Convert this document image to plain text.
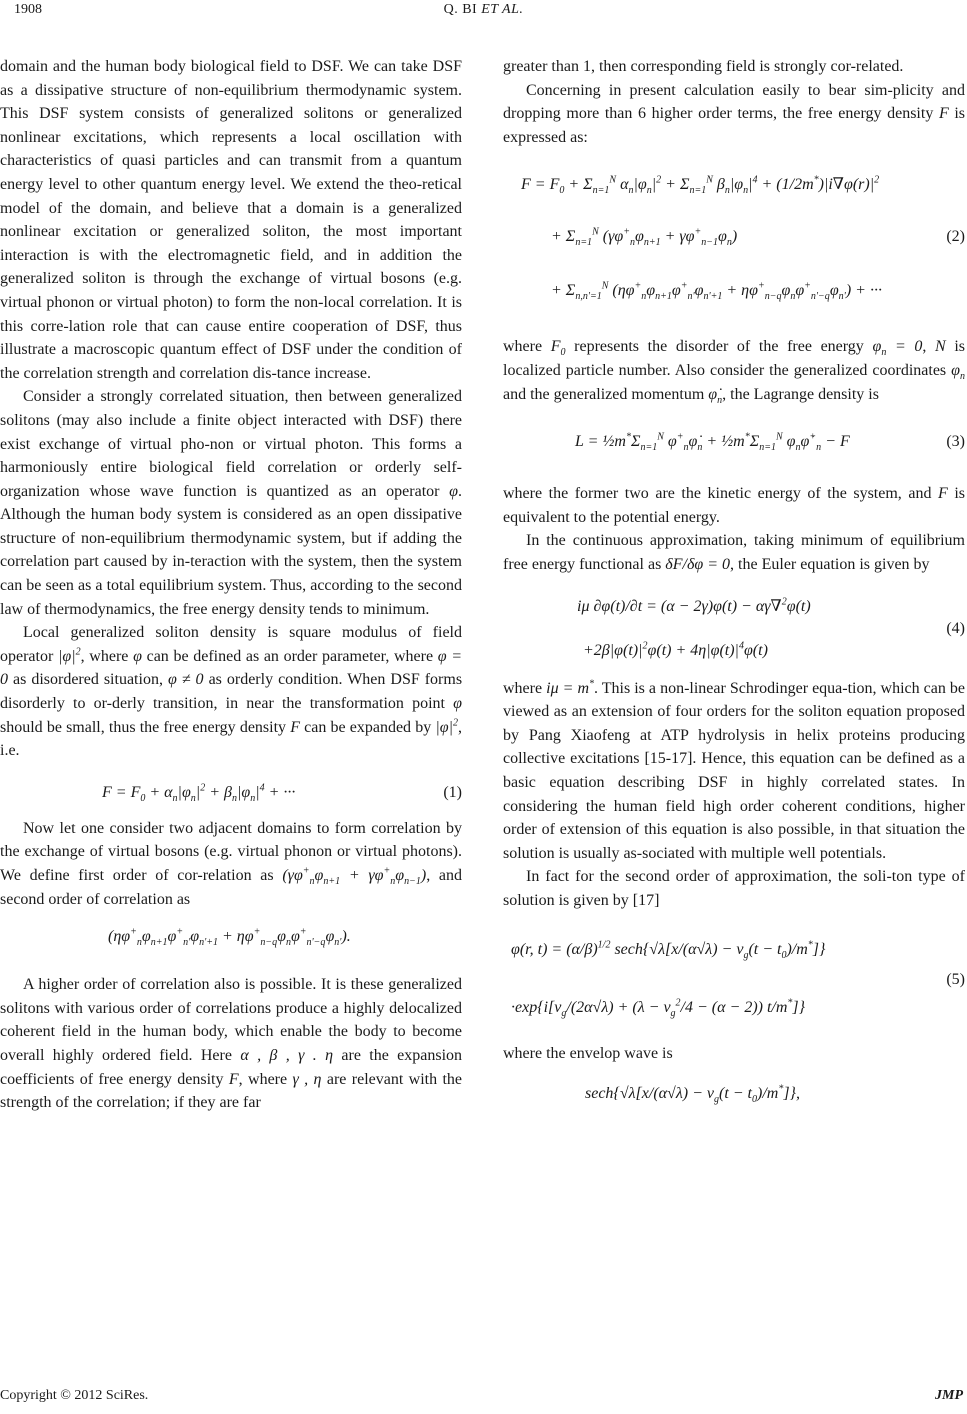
1908	Q. BI ET AL.

domain and the human body biological field to DSF. We can take DSF as a dissipative structure of non-equilibrium thermodynamic system. This DSF system consists of generalized solitons or generalized nonlinear excitations, which represents a local oscillation with characteristics of quasi particles and can transmit from a quantum energy level to other quantum energy level. We extend the theo-retical model of the domain, and believe that a domain is a generalized nonlinear excitation or generalized soliton, the most important interaction is with the electromagnetic field, and in addition the generalized soliton is through the exchange of virtual bosons (e.g. virtual phonon or virtual photon) to form the non-local correlation. It is this corre-lation role that can cause entire cooperation of DSF, thus illustrate a macroscopic quantum effect of DSF under the condition of the correlation strength and correlation dis-tance increase.

Consider a strongly correlated situation, then between generalized solitons (may also include a finite object interacted with DSF) there exist exchange of virtual pho-non or virtual photon. This forms a harmoniously entire biological field correlation or orderly self-organization whose wave function is quantized as an operator φ. Although the human body system is considered as an open dissipative structure of non-equilibrium thermodynamic system, but if adding the correlation part caused by in-teraction with the system, then the system can be seen as a total equilibrium system. Thus, according to the second law of thermodynamics, the free energy density tends to minimum.

Local generalized soliton density is square modulus of field operator $|\varphi|^2$, where φ can be defined as an order parameter, where φ = 0 as disordered situation, φ ≠ 0 as orderly condition. When DSF forms disorderly to or-derly transition, in near the transformation point φ should be small, thus the free energy density F can be expanded by $|\varphi|^2$, i.e.

$F = F_0 + \alpha_n|\varphi_n|^2 + \beta_n|\varphi_n|^4$ + ···	(1)

Now let one consider two adjacent domains to form correlation by the exchange of virtual bosons (e.g. virtual phonon or virtual photons). We define first order of cor-relation as $(\gamma\varphi^+_n\varphi_{n+1} + \gamma\varphi^+_n\varphi_{n-1})$, and second order of correlation as

$(\eta\varphi^+_n\varphi_{n+1}\varphi^+_{n'}\varphi_{n'+1} + \eta\varphi^+_{n-q}\varphi_n\varphi^+_{n'-q}\varphi_{n'})$.

A higher order of correlation also is possible. It is these generalized solitons with various order of correlations produce a highly delocalized coherent field in the human body, which enable the body to become overall highly ordered field. Here α , β , γ . η are the expansion coefficients of free energy density F, where γ , η are relevant with the strength of the correlation; if they are far

greater than 1, then corresponding field is strongly cor-related.

Concerning in present calculation easily to bear sim-plicity and dropping more than 6 higher order terms, the free energy density F is expressed as:

$F = F_0 + \Sigma_{n=1}^N$ $\alpha_n|\varphi_n|^2 + \Sigma_{n=1}^N$ $\beta_n|\varphi_n|^4 + (1/2m^*)|i\nabla\varphi(r)|^2$
+ $\Sigma_{n=1}^N$ $(\gamma\varphi^+_n\varphi_{n+1} + \gamma\varphi^+_{n-1}\varphi_n)$
+ $\Sigma_{n,n'=1}^N$ $(\eta\varphi^+_n\varphi_{n+1}\varphi^+_{n'}\varphi_{n'+1} + \eta\varphi^+_{n-q}\varphi_n\varphi^+_{n'-q}\varphi_{n'})$ + ···
(2)

where $F_0$ represents the disorder of the free energy $\varphi_n = 0$, N is localized particle number. Also consider the generalized coordinates $\varphi_n$ and the generalized momentum $\varphi̇_n$, the Lagrange density is

$L = \frac{1}{2}m^*\Sigma_{n=1}^N$ $\varphi^+_n\varphi̇_n$ + $\frac{1}{2}m^*\Sigma_{n=1}^N$ $\varphi_n\varphi̇^+_n - F$	(3)

where the former two are the kinetic energy of the system, and F is equivalent to the potential energy.

In the continuous approximation, taking minimum of equilibrium free energy functional as δF/δφ = 0, the Euler equation is given by

iμ ∂φ(t)/∂t = (α − 2γ)φ(t) − αγ∇$^2$φ(t)
$+2\beta|\varphi(t)|^2\varphi(t) + 4\eta|\varphi(t)|^4\varphi(t)$
(4)

where iμ = m*. This is a non-linear Schrodinger equa-tion, which can be viewed as an extension of four orders for the soliton equation proposed by Pang Xiaofeng at ATP hydrolysis in helix proteins producing collective excitations [15-17]. Hence, this equation can be defined as a basic equation describing DSF in highly correlated states. In considering the human field high order coherent conditions, higher order of extension of this equation is also possible, in that situation the solution is usually as-sociated with multiple well potentials.

In fact for the second order of approximation, the soli-ton type of solution is given by [17]

φ(r, $t) = (\alpha/\beta)^{1/2}$ $\sec h\{√\lambda[x/(\alpha√\lambda) - v_g(t - t_0)/m^*]\}$
$\cdot\exp\{i[v_g/(2\alpha√\lambda) + (\lambda - v_g^2/4 - (\alpha - 2))$ t/m*]}
(5)

where the envelop wave is

$\sec h\{√\lambda[x/(\alpha√\lambda) - v_g(t - t_0)/m^*]\}$,
Copyright © 2012 SciRes.	JMP
